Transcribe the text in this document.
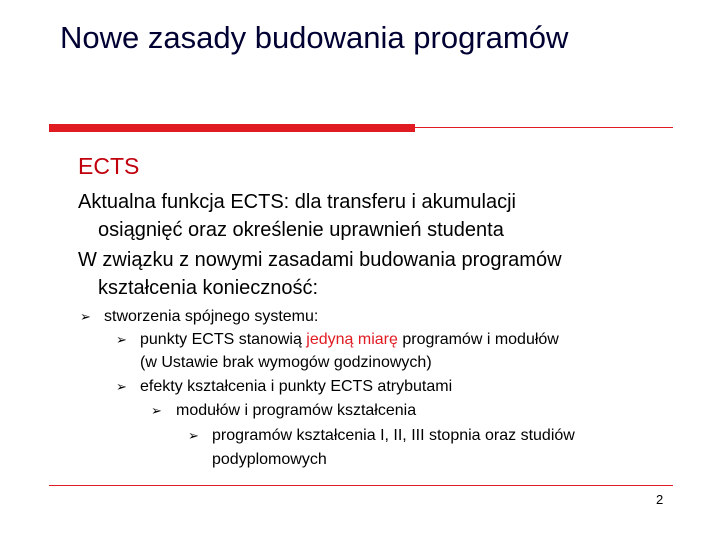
Nowe zasady budowania programów
ECTS
Aktualna funkcja ECTS: dla transferu i akumulacji
osiągnięć oraz określenie uprawnień studenta
W związku z nowymi zasadami budowania programów
kształcenia konieczność:
➢ stworzenia spójnego systemu:
➢ punkty ECTS stanowią jedyną miarę programów i modułów
(w Ustawie brak wymogów godzinowych)
➢ efekty kształcenia i punkty ECTS atrybutami
➢ modułów i programów kształcenia
➢ programów kształcenia I, II, III stopnia oraz studiów
podyplomowych
2
